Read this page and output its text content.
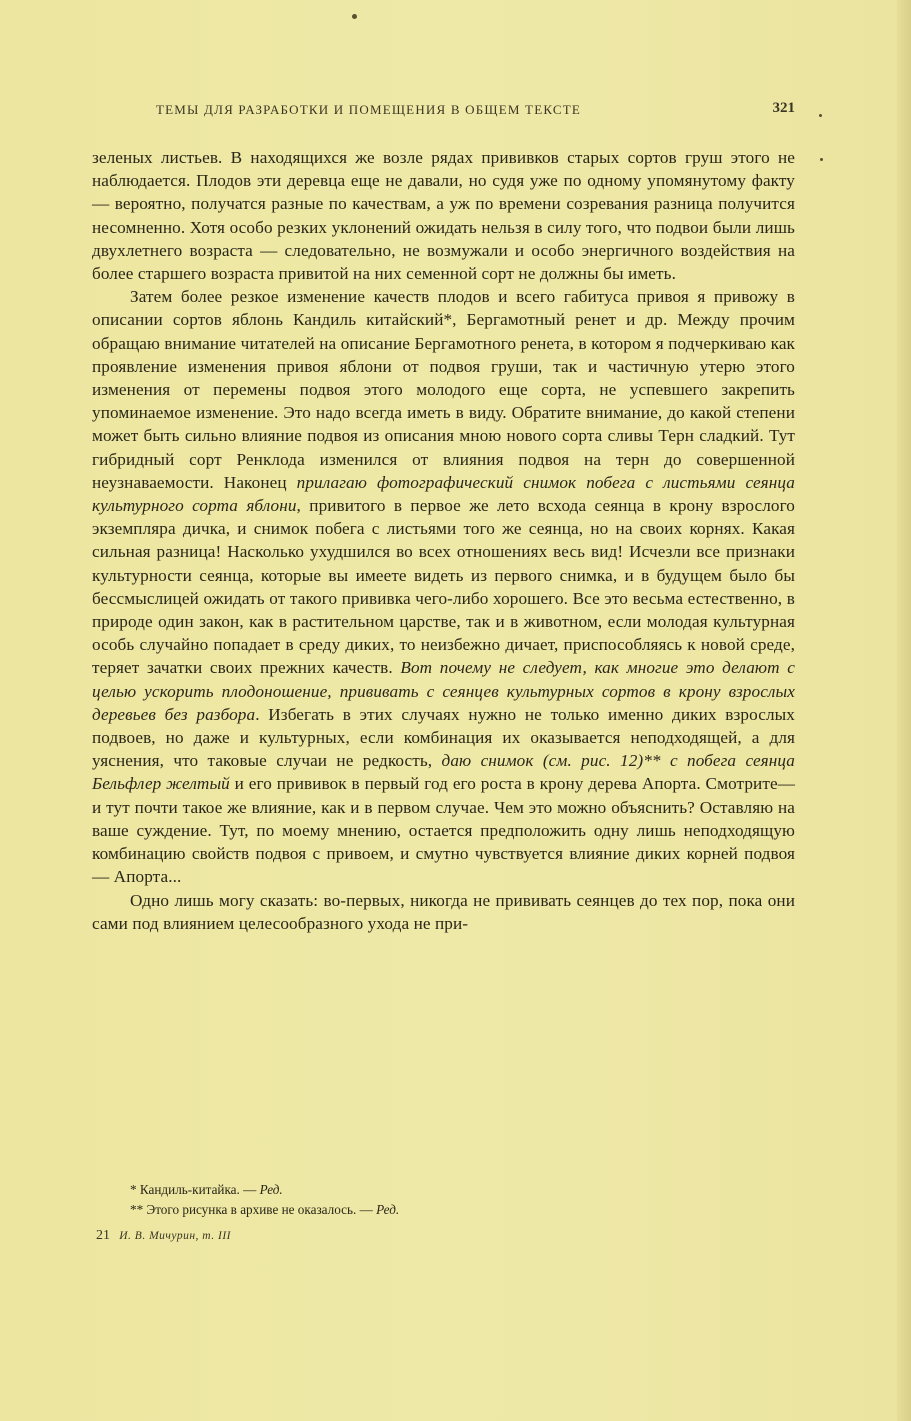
ТЕМЫ ДЛЯ РАЗРАБОТКИ И ПОМЕЩЕНИЯ В ОБЩЕМ ТЕКСТЕ	321

зеленых листьев. В находящихся же возле рядах прививков старых сортов груш этого не наблюдается. Плодов эти деревца еще не давали, но судя уже по одному упомянутому факту — вероятно, получатся разные по качествам, а уж по времени созревания разница получится несомненно. Хотя особо резких уклонений ожидать нельзя в силу того, что подвои были лишь двухлетнего возраста — следовательно, не возмужали и особо энергичного воздействия на более старшего возраста привитой на них семенной сорт не должны бы иметь.

Затем более резкое изменение качеств плодов и всего габитуса привоя я привожу в описании сортов яблонь Кандиль китайский*, Бергамотный ренет и др. Между прочим обращаю внимание читателей на описание Бергамотного ренета, в котором я подчеркиваю как проявление изменения привоя яблони от подвоя груши, так и частичную утерю этого изменения от перемены подвоя этого молодого еще сорта, не успевшего закрепить упоминаемое изменение. Это надо всегда иметь в виду. Обратите внимание, до какой степени может быть сильно влияние подвоя из описания мною нового сорта сливы Терн сладкий. Тут гибридный сорт Ренклода изменился от влияния подвоя на терн до совершенной неузнаваемости. Наконец прилагаю фотографический снимок побега с листьями сеянца культурного сорта яблони, привитого в первое же лето всхода сеянца в крону взрослого экземпляра дичка, и снимок побега с листьями того же сеянца, но на своих корнях. Какая сильная разница! Насколько ухудшился во всех отношениях весь вид! Исчезли все признаки культурности сеянца, которые вы имеете видеть из первого снимка, и в будущем было бы бессмыслицей ожидать от такого прививка чего-либо хорошего. Все это весьма естественно, в природе один закон, как в растительном царстве, так и в животном, если молодая культурная особь случайно попадает в среду диких, то неизбежно дичает, приспособляясь к новой среде, теряет зачатки своих прежних качеств. Вот почему не следует, как многие это делают с целью ускорить плодоношение, прививать с сеянцев культурных сортов в крону взрослых деревьев без разбора. Избегать в этих случаях нужно не только именно диких взрослых подвоев, но даже и культурных, если комбинация их оказывается неподходящей, а для уяснения, что таковые случаи не редкость, даю снимок (см. рис. 12)** с побега сеянца Бельфлер желтый и его прививок в первый год его роста в крону дерева Апорта. Смотрите— и тут почти такое же влияние, как и в первом случае. Чем это можно объяснить? Оставляю на ваше суждение. Тут, по моему мнению, остается предположить одну лишь неподходящую комбинацию свойств подвоя с привоем, и смутно чувствуется влияние диких корней подвоя — Апорта...

Одно лишь могу сказать: во-первых, никогда не прививать сеянцев до тех пор, пока они сами под влиянием целесообразного ухода не при-

* Кандиль-китайка. — Ред.

** Этого рисунка в архиве не оказалось. — Ред.

21 И. В. Мичурин, т. III
